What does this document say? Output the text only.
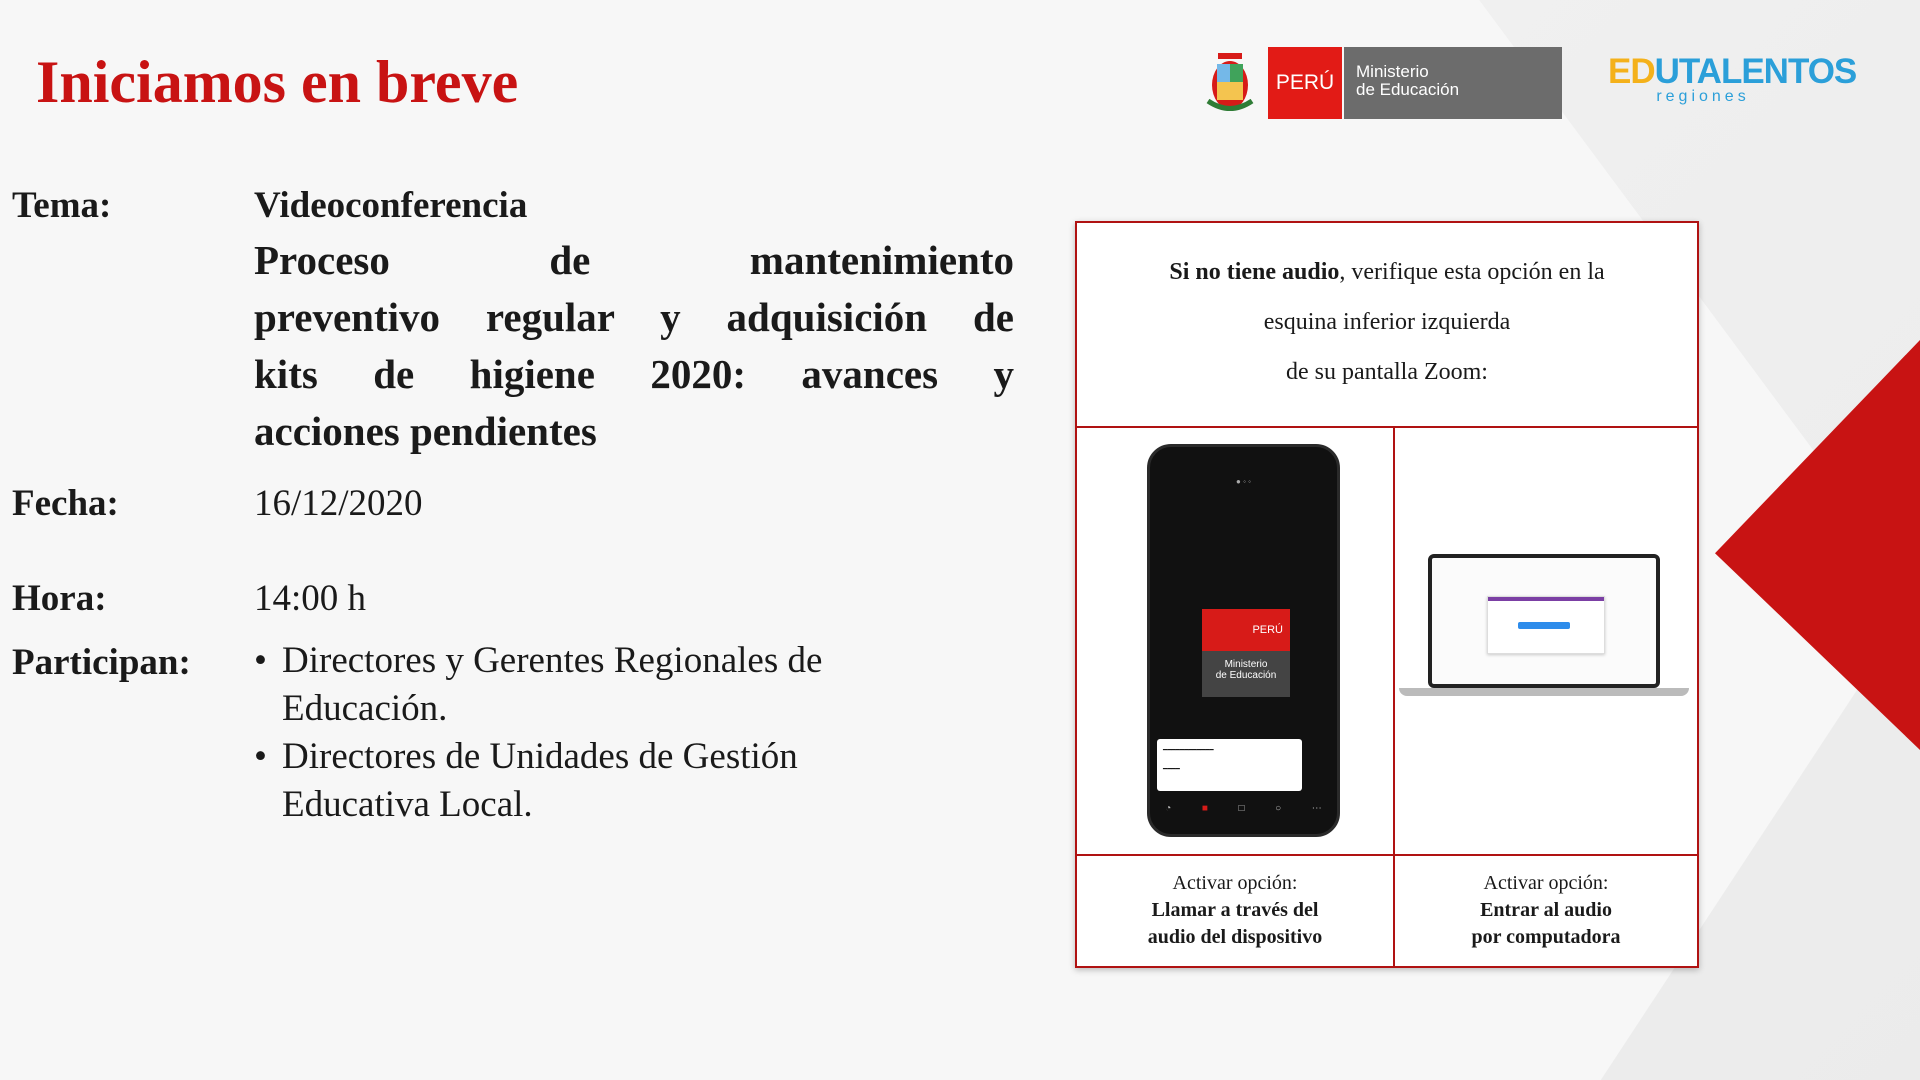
Iniciamos en breve	PERÚ	Ministerio
de Educación	EDUTALENTOS
regiones
Tema:	Videoconferencia
Proceso de mantenimiento
preventivo regular y adquisición de
kits de higiene 2020: avances y
acciones pendientes
Fecha:	16/12/2020
Hora:	14:00 h
Participan: • Directores y Gerentes Regionales de
Educación.
• Directores de Unidades de Gestión
Educativa Local.
Si no tiene audio, verifique esta opción en la
esquina inferior izquierda
de su pantalla Zoom:
● ◦ ◦
PERÚ
Ministerio
de Educación
━━━━━━━━━━━━
━━━━
◔	■	□	○	⋯
Activar opción:
Llamar a través del
audio del dispositivo
Activar opción:
Entrar al audio
por computadora
